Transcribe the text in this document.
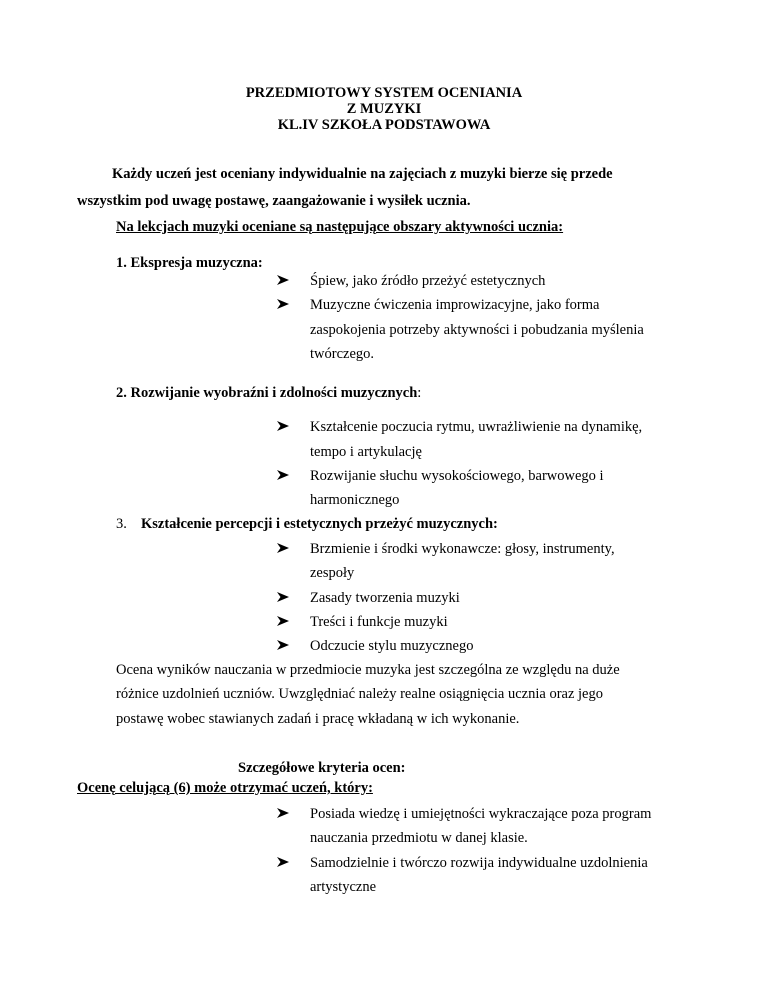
PRZEDMIOTOWY SYSTEM OCENIANIA
Z MUZYKI
KL.IV SZKOŁA PODSTAWOWA
Każdy uczeń jest oceniany indywidualnie na zajęciach z muzyki bierze się przede
wszystkim pod uwagę postawę, zaangażowanie i wysiłek ucznia.
Na lekcjach muzyki oceniane są następujące obszary aktywności ucznia:
1. Ekspresja muzyczna:
Śpiew, jako źródło przeżyć estetycznych
Muzyczne ćwiczenia improwizacyjne, jako forma
zaspokojenia potrzeby aktywności i pobudzania myślenia
twórczego.
2. Rozwijanie wyobraźni i zdolności muzycznych:
Kształcenie poczucia rytmu, uwrażliwienie na dynamikę,
tempo i artykulację
Rozwijanie słuchu wysokościowego, barwowego i
harmonicznego
3. Kształcenie percepcji i estetycznych przeżyć muzycznych:
Brzmienie i środki wykonawcze: głosy, instrumenty,
zespoły
Zasady tworzenia muzyki
Treści i funkcje muzyki
Odczucie stylu muzycznego
Ocena wyników nauczania w przedmiocie muzyka jest szczególna ze względu na duże
różnice uzdolnień uczniów. Uwzględniać należy realne osiągnięcia ucznia oraz jego
postawę wobec stawianych zadań i pracę wkładaną w ich wykonanie.
Szczegółowe kryteria ocen:
Ocenę celującą (6) może otrzymać uczeń, który:
Posiada wiedzę i umiejętności wykraczające poza program
nauczania przedmiotu w danej klasie.
Samodzielnie i twórczo rozwija indywidualne uzdolnienia
artystyczne
